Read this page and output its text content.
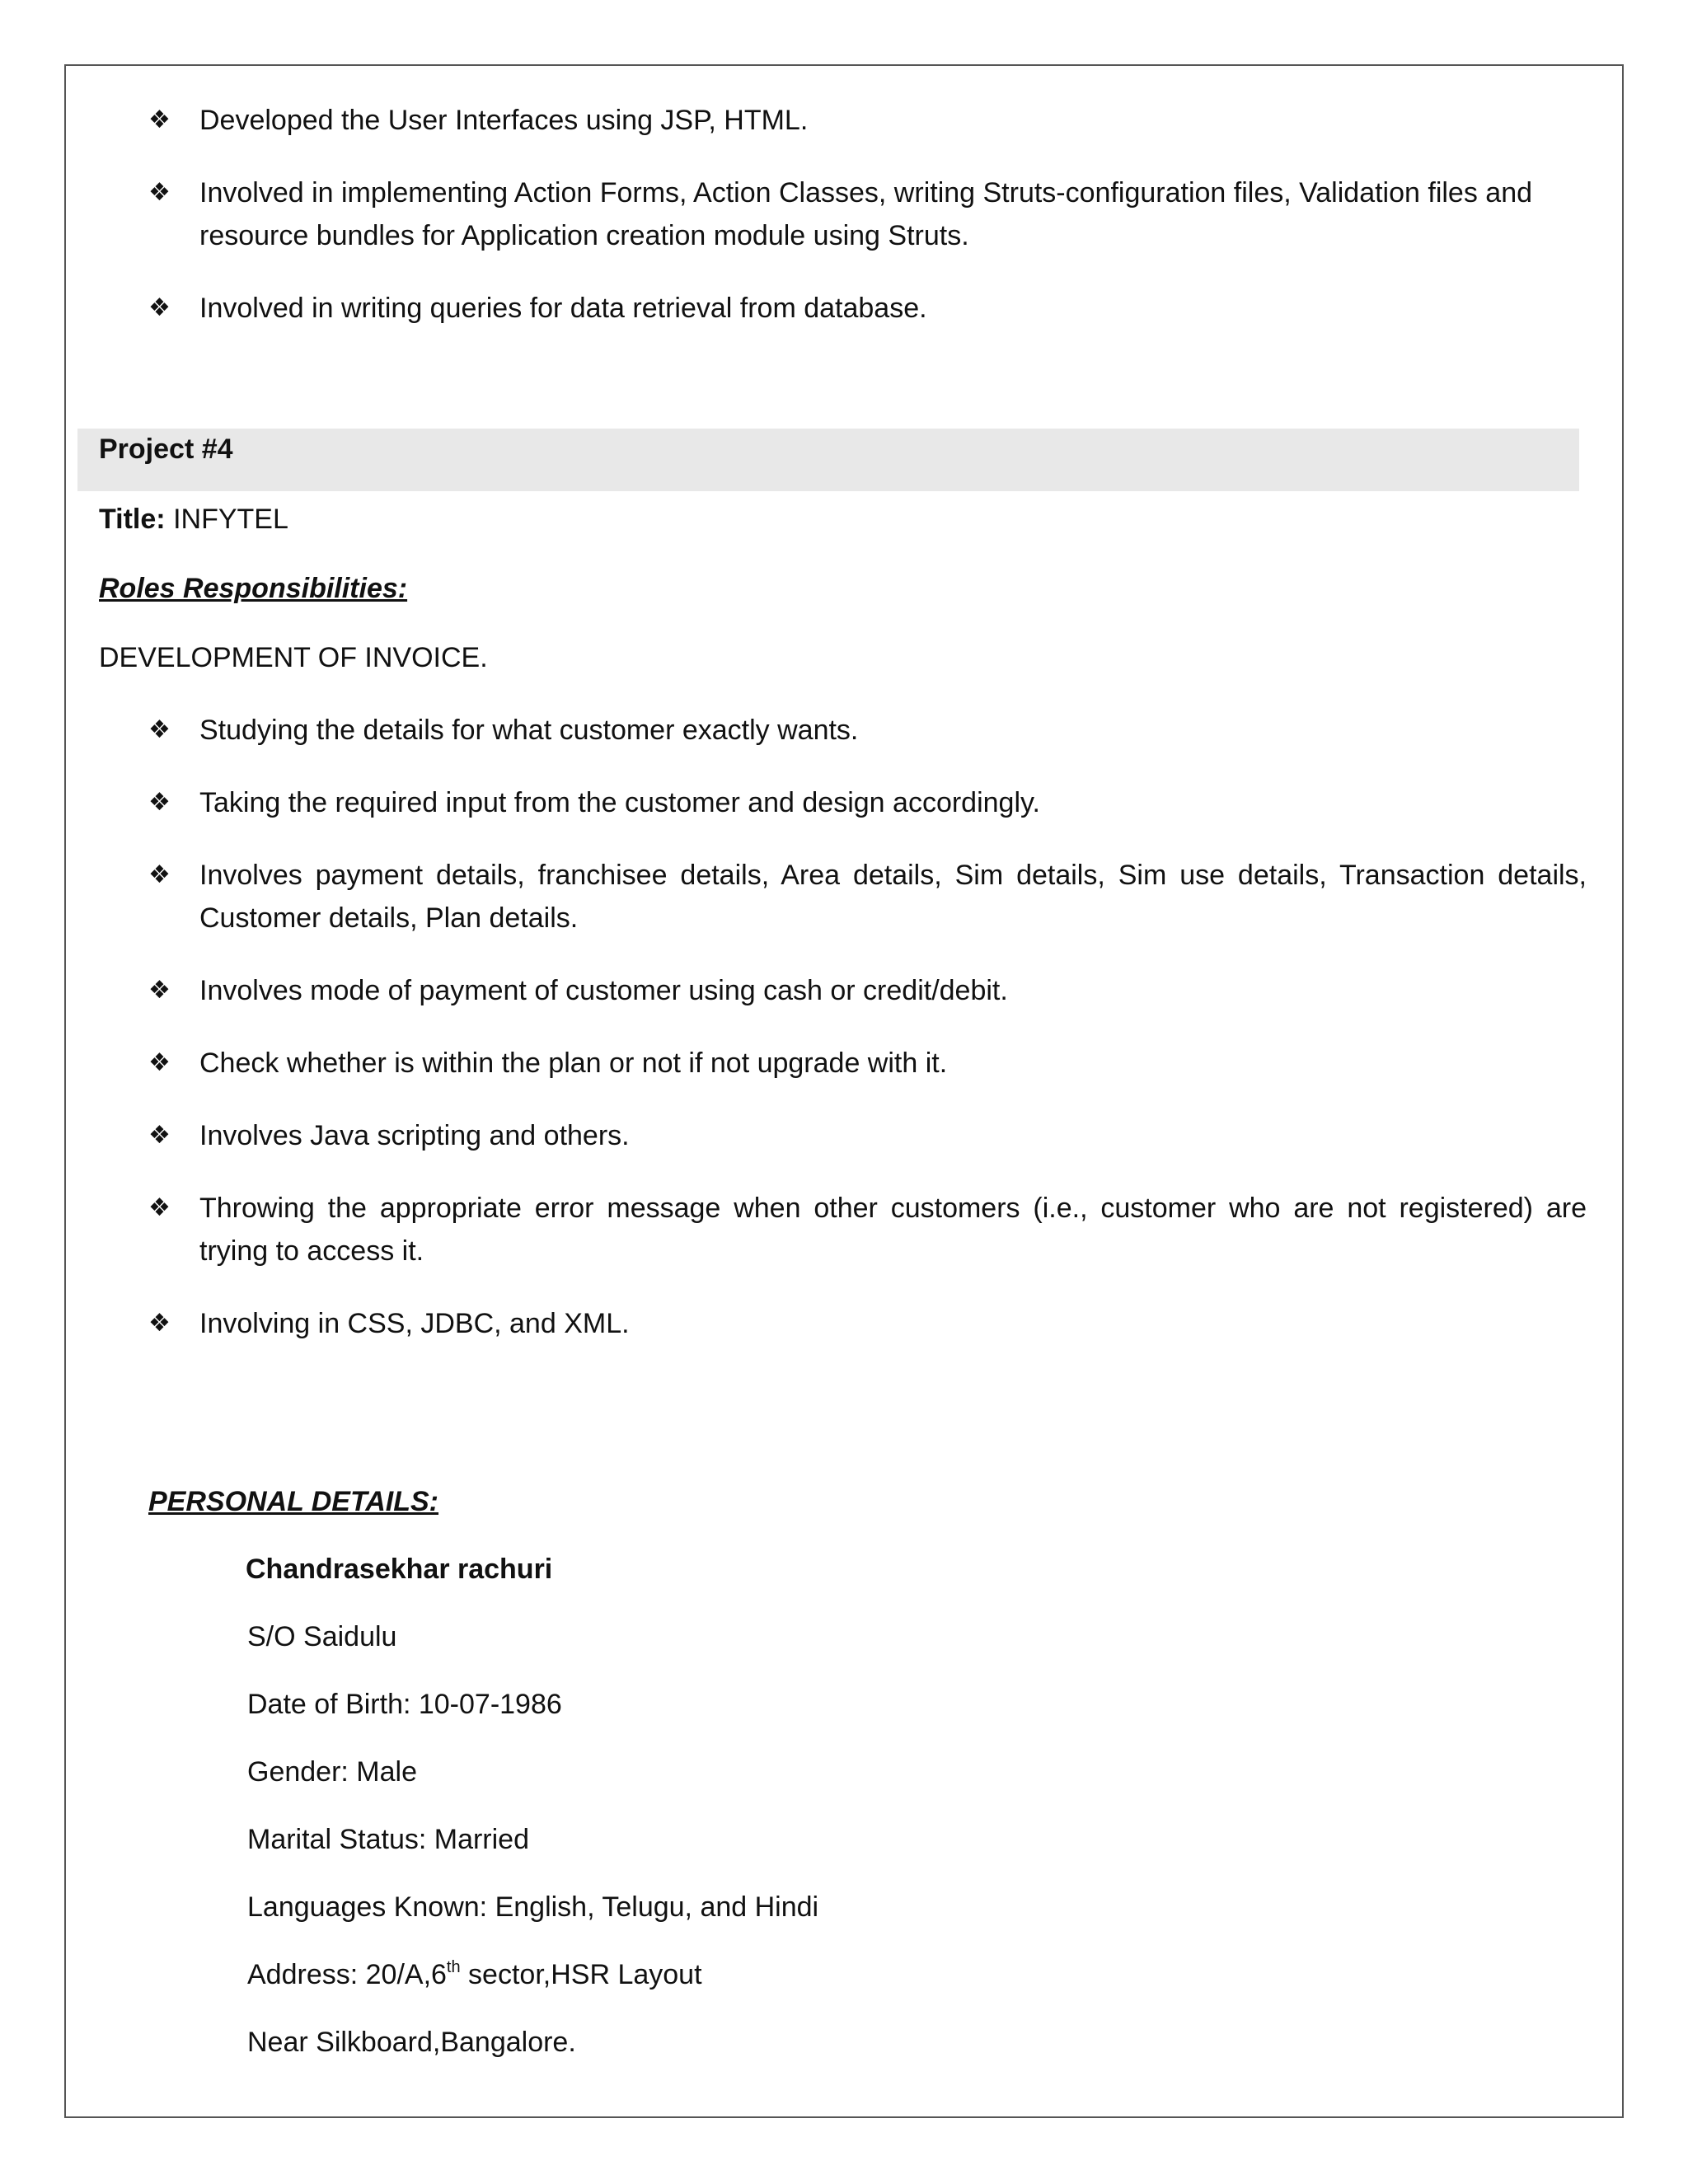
❖	Developed the User Interfaces using JSP, HTML.

❖	Involved in implementing Action Forms, Action Classes, writing Struts-configuration files, Validation files and resource bundles for Application creation module using Struts.

❖	Involved in writing queries for data retrieval from database.

Project #4

Title: INFYTEL

Roles Responsibilities:

DEVELOPMENT OF INVOICE.

❖	Studying the details for what customer exactly wants.

❖	Taking the required input from the customer and design accordingly.

❖	Involves payment details, franchisee details, Area details, Sim details, Sim use details, Transaction details, Customer details, Plan details.

❖	Involves mode of payment of customer using cash or credit/debit.

❖	Check whether is within the plan or not if not upgrade with it.

❖	Involves Java scripting and others.

❖	Throwing the appropriate error message when other customers (i.e., customer who are not registered) are trying to access it.

❖	Involving in CSS, JDBC, and XML.

PERSONAL DETAILS:

Chandrasekhar rachuri

S/O Saidulu

Date of Birth: 10-07-1986

Gender: Male

Marital Status: Married

Languages Known: English, Telugu, and Hindi

Address: 20/A,6th sector,HSR Layout

Near Silkboard,Bangalore.
